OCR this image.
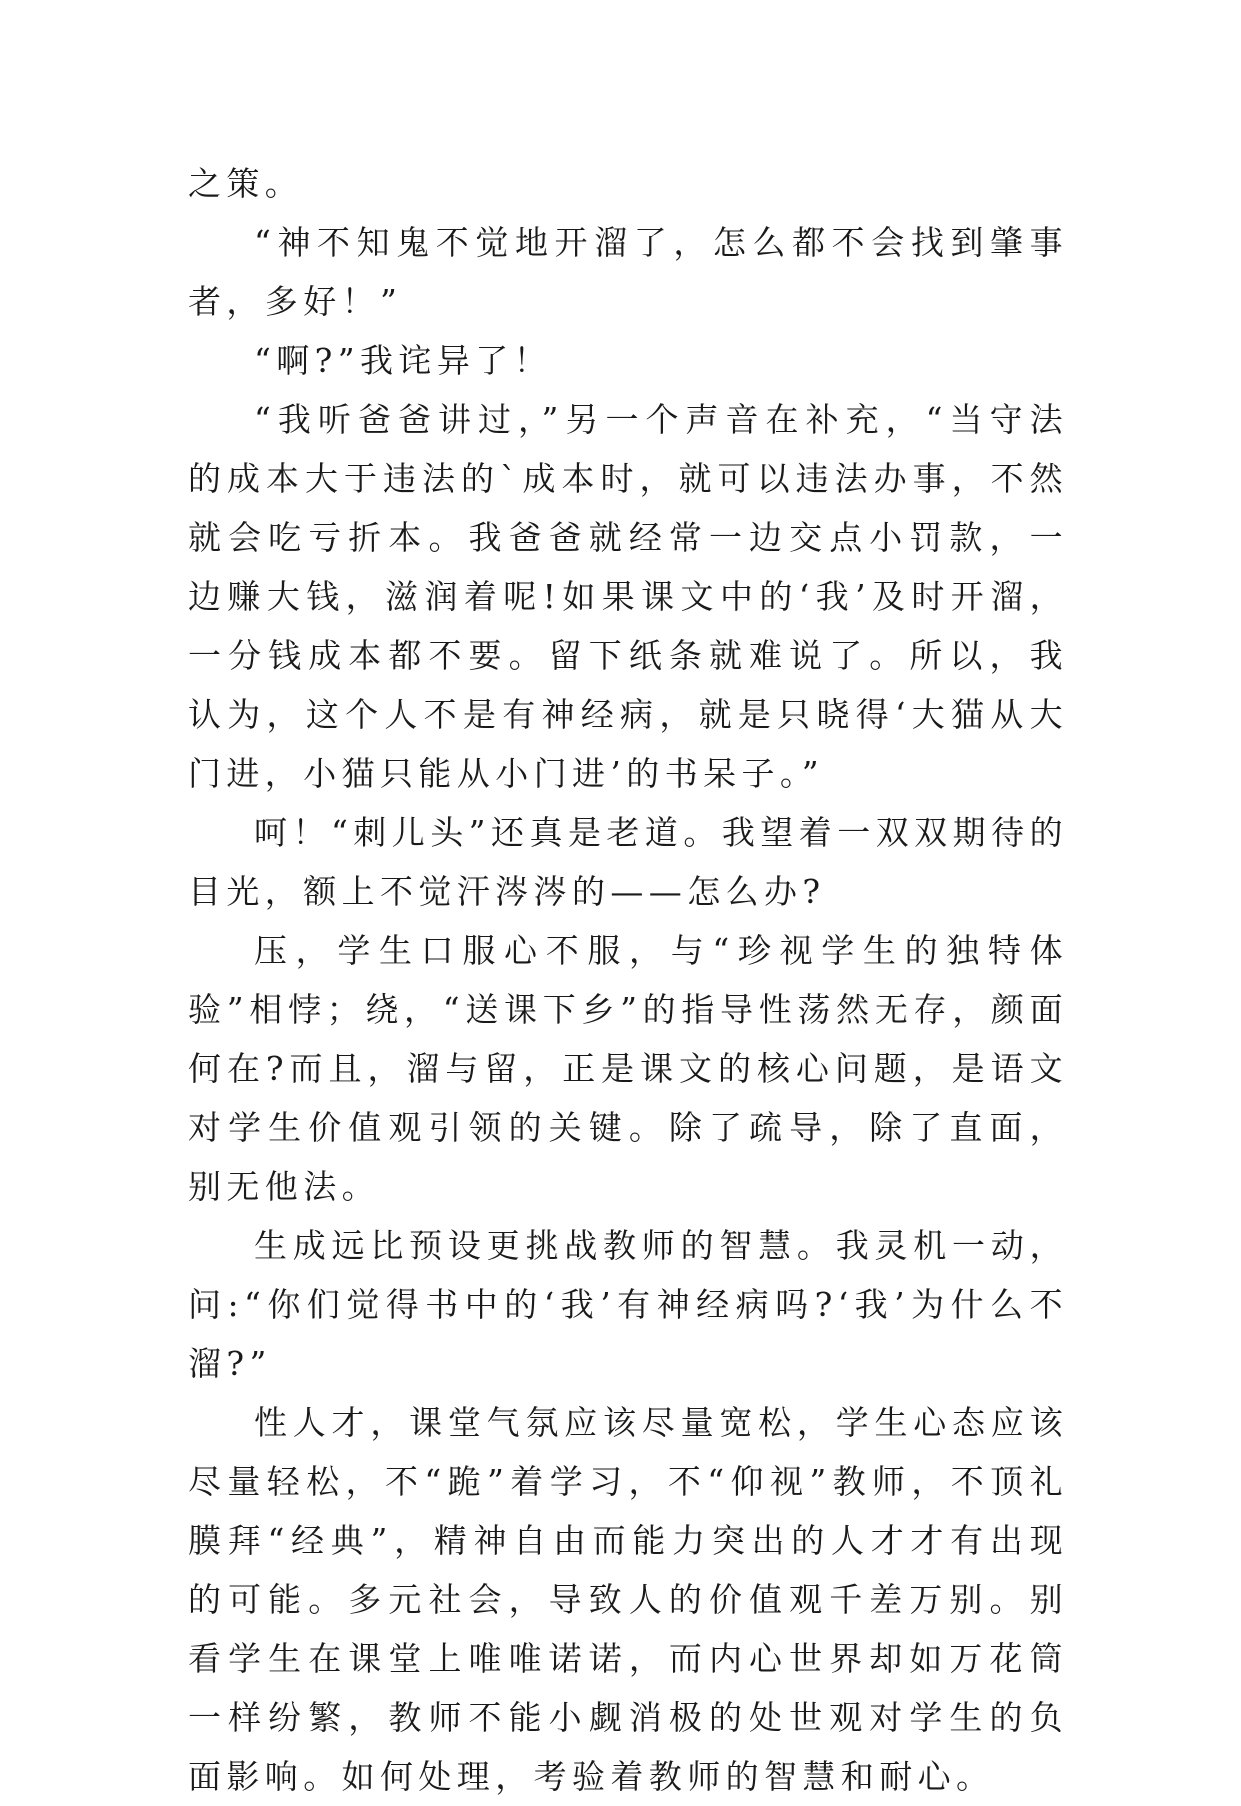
之策。

“神不知鬼不觉地开溜了，怎么都不会找到肇事者，多好！”

“啊?”我诧异了！

“我听爸爸讲过，”另一个声音在补充，“当守法的成本大于违法的`成本时，就可以违法办事，不然就会吃亏折本。我爸爸就经常一边交点小罚款，一边赚大钱，滋润着呢!如果课文中的‘我’及时开溜，一分钱成本都不要。留下纸条就难说了。所以，我认为，这个人不是有神经病，就是只晓得‘大猫从大门进，小猫只能从小门进’的书呆子。”

呵！“刺儿头”还真是老道。我望着一双双期待的目光，额上不觉汗涔涔的——怎么办?

压，学生口服心不服，与“珍视学生的独特体验”相悖；绕，“送课下乡”的指导性荡然无存，颜面何在?而且，溜与留，正是课文的核心问题，是语文对学生价值观引领的关键。除了疏导，除了直面，别无他法。

生成远比预设更挑战教师的智慧。我灵机一动，问:“你们觉得书中的‘我’有神经病吗?‘我’为什么不溜?”

性人才，课堂气氛应该尽量宽松，学生心态应该尽量轻松，不“跪”着学习，不“仰视”教师，不顶礼膜拜“经典”，精神自由而能力突出的人才才有出现的可能。多元社会，导致人的价值观千差万别。别看学生在课堂上唯唯诺诺，而内心世界却如万花筒一样纷繁，教师不能小觑消极的处世观对学生的负面影响。如何处理，考验着教师的智慧和耐心。
